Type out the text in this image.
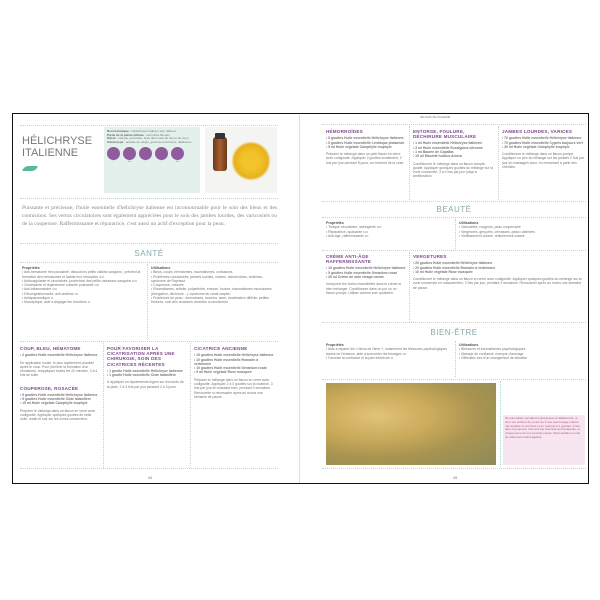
HÉLICHRYSE
ITALIENNE
Nom botanique : Helichrysum italicum ssp. italicum
Partie de la plante utilisée : sommités fleuries
Odeur : intense, enivrante, avec des notes de foin et de curry
Chémotype : acétate de néryle, gamma-curcumène, italidiones
•	•••	•	•	•••
Puissante et précieuse, l'huile essentielle d'hélichryse italienne est incontournable pour le soin des bleus et des contusions. Ses vertus circulatoires sont également appréciées pour le soin des jambes lourdes, des varicosités ou de la couperose. Raffermissante et réparatrice, c'est aussi un actif d'exception pour la peau.
SANTÉ
Propriétés
• Anti-hématome très puissante, dissout les petits caillots sanguins ; prévient la formation des hématomes et facilite leur résorption ••••
• Anticoagulante et circulatoire, protectrice des petits vaisseaux sanguins ••••
• Cicatrisante et régénérante cutanée puissante ••••
• Anti-inflammatoire ••••
• Décongestionnante, anti-œdème •••
• Antispasmodique ••
• Mucolytique, aide à dégager les bronches ••
Utilisations
• Bleus, coups, hématomes, traumatismes, contusions
• Problèmes circulatoires, jambes lourdes, varices, hémorroïdes, œdèmes, syndrome de Raynaud
• Couperose, rosacée
• Rhumatismes, arthrite, polyarthrite, entorse, foulure, traumatismes musculaires (élongation, déchirure...), syndrome du canal carpien
• Problèmes de peau : dermatoses, eczéma, acné, cicatrisation difficile, petites brûlures, soin des cicatrices récentes ou anciennes
COUP, BLEU, HÉMATOME
• 2 gouttes Huile essentielle Hélichryse italienne
En application locale, le plus rapidement possible après le choc. Pour prévenir la formation d'un hématome, réappliquer toutes les 20 minutes, 3 à 4 fois de suite.
COUPEROSE, ROSACÉE
• 5 gouttes Huile essentielle Hélichryse italienne
• 5 gouttes Huile essentielle Ciste ladanifère
• 15 ml Huile végétale Calophylle inophyle
Préparer le mélange dans un flacon en verre avec codigoutte. Appliquer quelques gouttes de cette huile, matin et soir sur les zones concernées.
POUR FAVORISER LA CICATRISATION APRÈS UNE CHIRURGIE, SOIN DES CICATRICES RÉCENTES
• 1 goutte Huile essentielle Hélichryse italienne
• 1 goutte Huile essentielle Ciste ladanifère
À appliquer en tapotements légers sur les bords de la plaie, 2 à 3 fois par jour pendant 2 à 3 jours.
CICATRICE ANCIENNE
• 15 gouttes Huile essentielle Hélichryse italienne
• 10 gouttes Huile essentielle Romarin à verbénone
• 10 gouttes Huile essentielle Geranium rosat
• 9 ml Huile végétale Rose musquée
Préparer le mélange dans un flacon en verre avec codigoutte. Appliquer 2 à 3 gouttes sur la cicatrice, 3 fois par jour en massant bien, pendant 3 semaines. Renouveler si nécessaire après au moins une semaine de pause.
44
HÉLICHRYSE ITALIENNE
HÉMORROÏDES
• 5 gouttes Huile essentielle Hélichryse italienne
• 5 gouttes Huile essentielle Lentisque pistachier
• 5 ml Huile végétale Calophylle inophyle
Préparer le mélange dans un petit flacon en verre avec codigoutte. Appliquer 2 gouttes localement, 2 fois par jour pendant 8 jours, au moment de la crise.
ENTORSE, FOULURE, DÉCHIRURE MUSCULAIRE
• 1 ml Huile essentielle Hélichryse italienne
• 3 ml Huile essentielle Eucalyptus citronné
• 1 ml Baume de Copaïba
• 15 ml Macérât huileux Arnica
Conditionner le mélange dans un flacon compte-goutte. Appliquer quelques gouttes du mélange sur la zone concernée, 3 à 4 fois par jour jusqu'à amélioration.
JAMBES LOURDES, VARICES
• 70 gouttes Huile essentielle Hélichryse italienne
• 70 gouttes Huile essentielle Cyprès toujours vert
• 30 ml Huile végétale Calophylle inophyle
Conditionner le mélange dans un flacon-pompe. Appliquer un peu du mélange sur les jambes 2 fois par jour en massages doux, en remontant à partir des chevilles.
BEAUTÉ
Propriétés
• Tonique circulatoire, astringente ••••
• Réparatrice, apaisante ••••
• Anti-âge, raffermissante •••
Utilisations
• Varicosités, rougeurs, peau couperosée
• Vergetures, gerçures, crevasses, peaux abîmées
• Vieillissement cutané, relâchement cutané
CRÈME ANTI-ÂGE RAFFERMISSANTE
• 10 gouttes Huile essentielle Hélichryse italienne
• 5 gouttes Huile essentielle Geranium rosat
• 30 ml Crème de soin visage neutre
Incorporer les huiles essentielles dans la crème et bien mélanger. Conditionner dans un pot ou un flacon-pompe. Utiliser comme soin quotidien.
VERGETURES
• 20 gouttes Huile essentielle Hélichryse italienne
• 20 gouttes Huile essentielle Romarin à verbénone
• 10 ml Huile végétale Rose musquée
Conditionner le mélange dans un flacon en verre avec codigoutte. Appliquer quelques gouttes du mélange sur la zone concernée en massant bien, 2 fois par jour, pendant 3 semaines. Renouveler après au moins une semaine de pause.
BIEN-ÊTRE
Propriétés
• Aide à réparer les « bleus de l'âme », notamment les blessures psychologiques issues de l'enfance, aide à surmonter les blocages •••
• Favorise la confiance et la paix intérieure ••
Utilisations
• Blessures et traumatismes psychologiques
• Manque de confiance, manque d'ancrage
• Difficultés lors d'un changement de situation
Ne pas utiliser pendant la grossesse et l'allaitement, ni chez les enfants de moins de 6 ans (sauf usage cutané très localisé et ponctuel et au maximum 2 gouttes, 3 fois dans la journée). Voie interne réservée au thérapeute, et uniquement sur une période courte. Déconseillée en cas de traitement anticoagulant.
45
